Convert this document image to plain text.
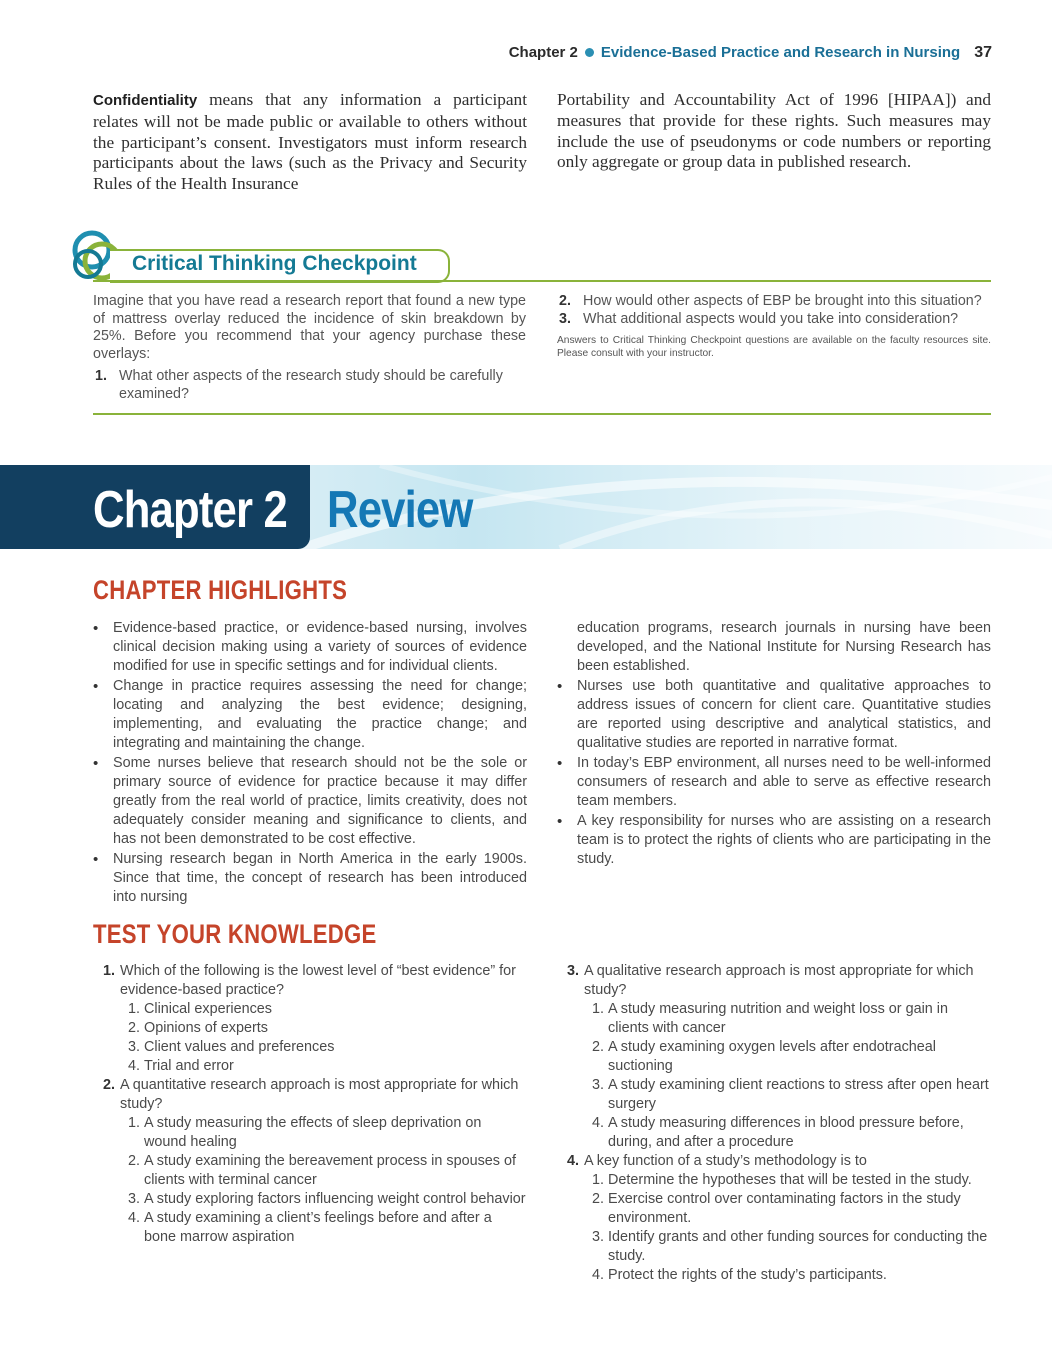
Chapter 2 Evidence-Based Practice and Research in Nursing 37
Confidentiality means that any information a participant relates will not be made public or available to others without the participant’s consent. Investigators must inform research participants about the laws (such as the Privacy and Security Rules of the Health Insurance
Portability and Accountability Act of 1996 [HIPAA]) and measures that provide for these rights. Such measures may include the use of pseudonyms or code numbers or reporting only aggregate or group data in published research.
Critical Thinking Checkpoint
Imagine that you have read a research report that found a new type of mattress overlay reduced the incidence of skin breakdown by 25%. Before you recommend that your agency purchase these overlays:
1. What other aspects of the research study should be carefully examined?
2. How would other aspects of EBP be brought into this situation?
3. What additional aspects would you take into consideration?
Answers to Critical Thinking Checkpoint questions are available on the faculty resources site. Please consult with your instructor.
Chapter 2 Review
CHAPTER HIGHLIGHTS
• Evidence-based practice, or evidence-based nursing, involves clinical decision making using a variety of sources of evidence modified for use in specific settings and for individual clients.
• Change in practice requires assessing the need for change; locating and analyzing the best evidence; designing, implementing, and evaluating the practice change; and integrating and maintaining the change.
• Some nurses believe that research should not be the sole or primary source of evidence for practice because it may differ greatly from the real world of practice, limits creativity, does not adequately consider meaning and significance to clients, and has not been demonstrated to be cost effective.
• Nursing research began in North America in the early 1900s. Since that time, the concept of research has been introduced into nursing
education programs, research journals in nursing have been developed, and the National Institute for Nursing Research has been established.
• Nurses use both quantitative and qualitative approaches to address issues of concern for client care. Quantitative studies are reported using descriptive and analytical statistics, and qualitative studies are reported in narrative format.
• In today’s EBP environment, all nurses need to be well-informed consumers of research and able to serve as effective research team members.
• A key responsibility for nurses who are assisting on a research team is to protect the rights of clients who are participating in the study.
TEST YOUR KNOWLEDGE
1. Which of the following is the lowest level of “best evidence” for evidence-based practice?
1. Clinical experiences
2. Opinions of experts
3. Client values and preferences
4. Trial and error
2. A quantitative research approach is most appropriate for which study?
1. A study measuring the effects of sleep deprivation on wound healing
2. A study examining the bereavement process in spouses of clients with terminal cancer
3. A study exploring factors influencing weight control behavior
4. A study examining a client’s feelings before and after a bone marrow aspiration
3. A qualitative research approach is most appropriate for which study?
1. A study measuring nutrition and weight loss or gain in clients with cancer
2. A study examining oxygen levels after endotracheal suctioning
3. A study examining client reactions to stress after open heart surgery
4. A study measuring differences in blood pressure before, during, and after a procedure
4. A key function of a study’s methodology is to
1. Determine the hypotheses that will be tested in the study.
2. Exercise control over contaminating factors in the study environment.
3. Identify grants and other funding sources for conducting the study.
4. Protect the rights of the study’s participants.
